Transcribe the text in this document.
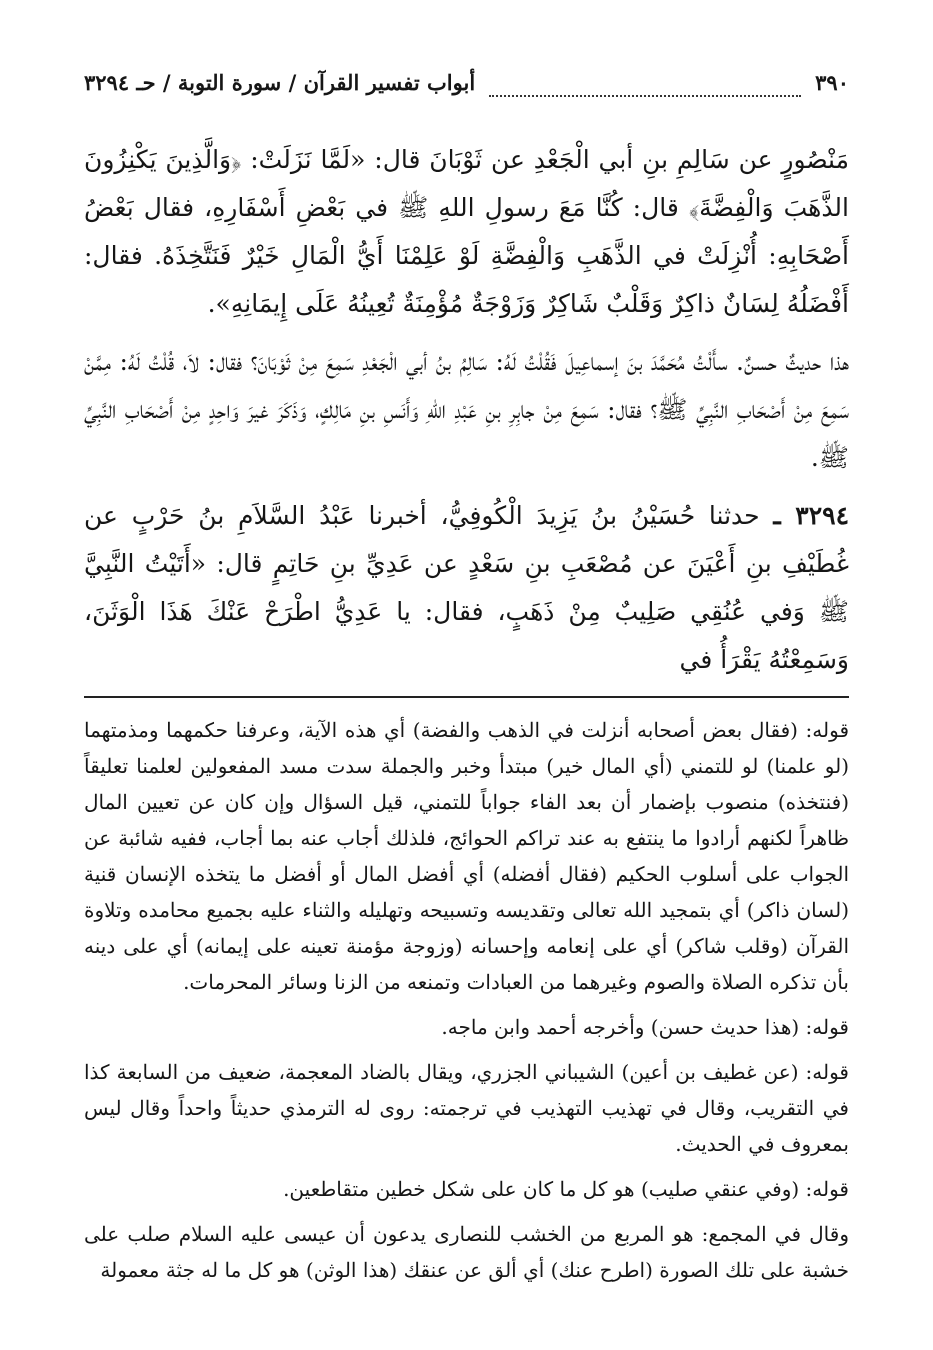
٣٩٠
أبواب تفسير القرآن / سورة التوبة / حـ ٣٢٩٤

مَنْصُورٍ عن سَالِمِ بنِ أبي الْجَعْدِ عن ثَوْبَانَ قال: «لَمَّا نَزَلَتْ: ﴿وَالَّذِينَ يَكْنِزُونَ الذَّهَبَ وَالْفِضَّةَ﴾ قال: كُنَّا مَعَ رسولِ اللهِ ﷺ في بَعْضِ أَسْفَارِهِ، فقال بَعْضُ أَصْحَابِهِ: أُنْزِلَتْ في الذَّهَبِ وَالْفِضَّةِ لَوْ عَلِمْنَا أَيُّ الْمَالِ خَيْرٌ فَنَتَّخِذَهُ. فقال: أَفْضَلُهُ لِسَانٌ ذاكِرٌ وَقَلْبٌ شَاكِرٌ وَزَوْجَةٌ مُؤْمِنَةٌ تُعِينُهُ عَلَى إِيمَانِهِ».

هذا حديثٌ حسنٌ. سأَلْتُ مُحَمَّدَ بنَ إسماعِيلَ فَقُلْتُ لَهُ: سَالِمُ بنُ أبي الْجَعْدِ سَمِعَ مِنْ ثَوْبَانَ؟ فقال: لاَ، قُلْتُ لَهُ: مِمَّنْ سَمِعَ مِنْ أَصْحَابِ النَّبِيِّ ﷺ؟ فقال: سَمِعَ مِنْ جابِرِ بنِ عَبْدِ اللهِ وَأَنَسِ بنِ مَالِكٍ، وَذَكَرَ غيرَ وَاحِدٍ مِنْ أَصْحَابِ النَّبِيِّ ﷺ.

٣٢٩٤ ـ حدثنا حُسَيْنُ بنُ يَزِيدَ الْكُوفِيُّ، أخبرنا عَبْدُ السَّلاَمِ بنُ حَرْبٍ عن غُطَيْفِ بنِ أَعْيَنَ عن مُصْعَبِ بنِ سَعْدٍ عن عَدِيِّ بنِ حَاتِمٍ قال: «أَتَيْتُ النَّبِيَّ ﷺ وَفي عُنُقِي صَلِيبٌ مِنْ ذَهَبٍ، فقال: يا عَدِيُّ اطْرَحْ عَنْكَ هَذَا الْوَثَنَ، وَسَمِعْتُهُ يَقْرَأُ في

قوله: (فقال بعض أصحابه أنزلت في الذهب والفضة) أي هذه الآية، وعرفنا حكمهما ومذمتهما (لو علمنا) لو للتمني (أي المال خير) مبتدأ وخبر والجملة سدت مسد المفعولين لعلمنا تعليقاً (فنتخذه) منصوب بإضمار أن بعد الفاء جواباً للتمني، قيل السؤال وإن كان عن تعيين المال ظاهراً لكنهم أرادوا ما ينتفع به عند تراكم الحوائج، فلذلك أجاب عنه بما أجاب، ففيه شائبة عن الجواب على أسلوب الحكيم (فقال أفضله) أي أفضل المال أو أفضل ما يتخذه الإنسان قنية (لسان ذاكر) أي بتمجيد الله تعالى وتقديسه وتسبيحه وتهليله والثناء عليه بجميع محامده وتلاوة القرآن (وقلب شاكر) أي على إنعامه وإحسانه (وزوجة مؤمنة تعينه على إيمانه) أي على دينه بأن تذكره الصلاة والصوم وغيرهما من العبادات وتمنعه من الزنا وسائر المحرمات.

قوله: (هذا حديث حسن) وأخرجه أحمد وابن ماجه.

قوله: (عن غطيف بن أعين) الشيباني الجزري، ويقال بالضاد المعجمة، ضعيف من السابعة كذا في التقريب، وقال في تهذيب التهذيب في ترجمته: روى له الترمذي حديثاً واحداً وقال ليس بمعروف في الحديث.

قوله: (وفي عنقي صليب) هو كل ما كان على شكل خطين متقاطعين.

وقال في المجمع: هو المربع من الخشب للنصارى يدعون أن عيسى عليه السلام صلب على خشبة على تلك الصورة (اطرح عنك) أي ألق عن عنقك (هذا الوثن) هو كل ما له جثة معمولة
